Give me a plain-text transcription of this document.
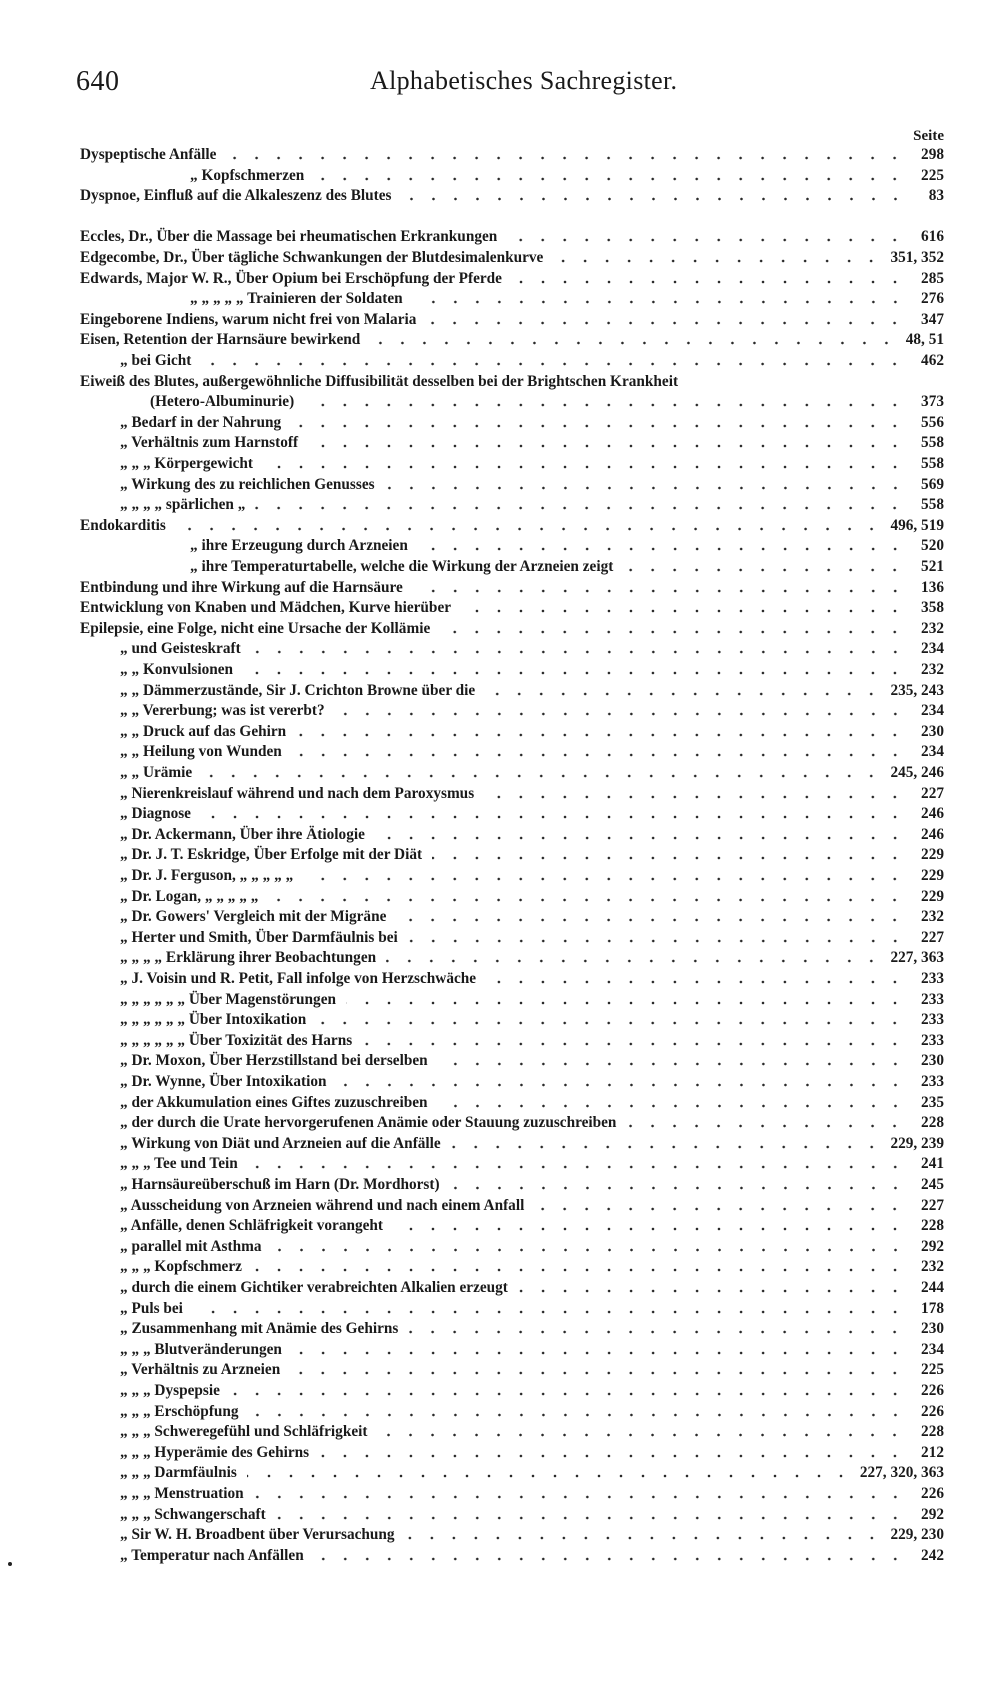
640	Alphabetisches Sachregister.
Seite
Dyspeptische Anfälle	298
„ Kopfschmerzen	225
Dyspnoe, Einfluß auf die Alkaleszenz des Blutes	83
Eccles, Dr., Über die Massage bei rheumatischen Erkrankungen	616
Edgecombe, Dr., Über tägliche Schwankungen der Blutdesimalenkurve	351, 352
Edwards, Major W. R., Über Opium bei Erschöpfung der Pferde	285
„ „ „ „ „ Trainieren der Soldaten	276
Eingeborene Indiens, warum nicht frei von Malaria	347
Eisen, Retention der Harnsäure bewirkend	48, 51
„ bei Gicht	462
Eiweiß des Blutes, außergewöhnliche Diffusibilität desselben bei der Brightschen Krankheit
(Hetero-Albuminurie)	373
„ Bedarf in der Nahrung	556
„ Verhältnis zum Harnstoff	558
„ „ „ Körpergewicht	558
„ Wirkung des zu reichlichen Genusses	569
„ „ „ „ spärlichen „	558
Endokarditis	496, 519
„ ihre Erzeugung durch Arzneien	520
„ ihre Temperaturtabelle, welche die Wirkung der Arzneien zeigt	521
Entbindung und ihre Wirkung auf die Harnsäure	136
Entwicklung von Knaben und Mädchen, Kurve hierüber	358
Epilepsie, eine Folge, nicht eine Ursache der Kollämie	232
„ und Geisteskraft	234
„ „ Konvulsionen	232
„ „ Dämmerzustände, Sir J. Crichton Browne über die	235, 243
„ „ Vererbung; was ist vererbt?	234
„ „ Druck auf das Gehirn	230
„ „ Heilung von Wunden	234
„ „ Urämie	245, 246
„ Nierenkreislauf während und nach dem Paroxysmus	227
„ Diagnose	246
„ Dr. Ackermann, Über ihre Ätiologie	246
„ Dr. J. T. Eskridge, Über Erfolge mit der Diät	229
„ Dr. J. Ferguson, „ „ „ „ „	229
„ Dr. Logan, „ „ „ „ „	229
„ Dr. Gowers' Vergleich mit der Migräne	232
„ Herter und Smith, Über Darmfäulnis bei	227
„ „ „ „ Erklärung ihrer Beobachtungen	227, 363
„ J. Voisin und R. Petit, Fall infolge von Herzschwäche	233
„ „ „ „ „ „ Über Magenstörungen	233
„ „ „ „ „ „ Über Intoxikation	233
„ „ „ „ „ „ Über Toxizität des Harns	233
„ Dr. Moxon, Über Herzstillstand bei derselben	230
„ Dr. Wynne, Über Intoxikation	233
„ der Akkumulation eines Giftes zuzuschreiben	235
„ der durch die Urate hervorgerufenen Anämie oder Stauung zuzuschreiben	228
„ Wirkung von Diät und Arzneien auf die Anfälle	229, 239
„ „ „ Tee und Tein	241
„ Harnsäureüberschuß im Harn (Dr. Mordhorst)	245
„ Ausscheidung von Arzneien während und nach einem Anfall	227
„ Anfälle, denen Schläfrigkeit vorangeht	228
„ parallel mit Asthma	292
„ „ „ Kopfschmerz	232
„ durch die einem Gichtiker verabreichten Alkalien erzeugt	244
„ Puls bei	178
„ Zusammenhang mit Anämie des Gehirns	230
„ „ „ Blutveränderungen	234
„ Verhältnis zu Arzneien	225
„ „ „ Dyspepsie	226
„ „ „ Erschöpfung	226
„ „ „ Schweregefühl und Schläfrigkeit	228
„ „ „ Hyperämie des Gehirns	212
„ „ „ Darmfäulnis	227, 320, 363
„ „ „ Menstruation	226
„ „ „ Schwangerschaft	292
„ Sir W. H. Broadbent über Verursachung	229, 230
„ Temperatur nach Anfällen	242
